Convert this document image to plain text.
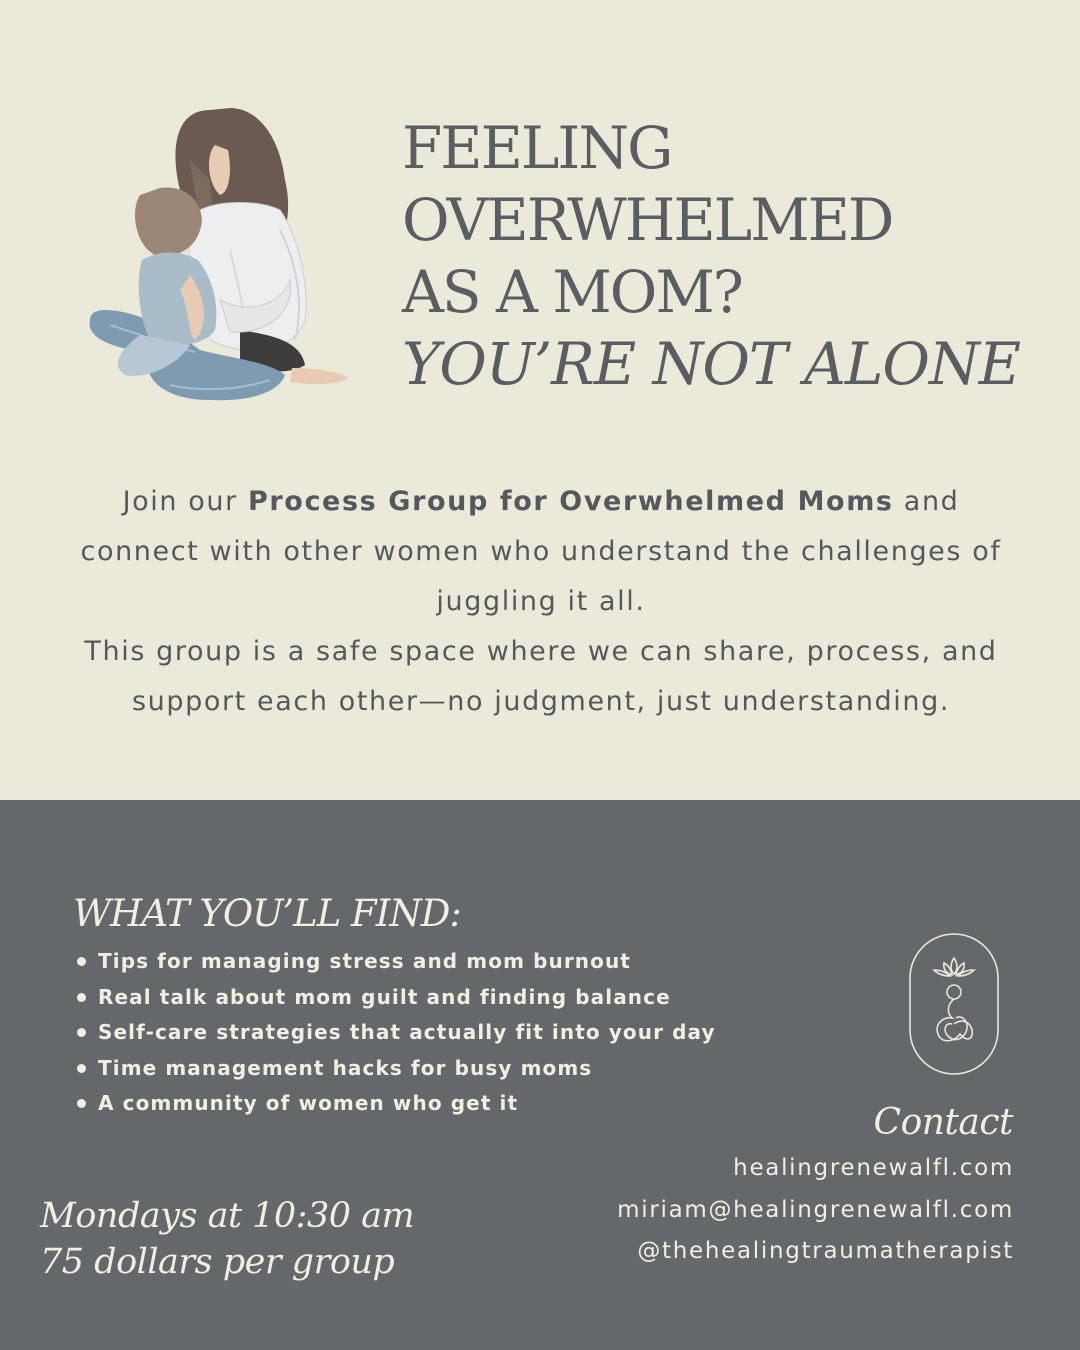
FEELING
OVERWHELMED
AS A MOM?
YOU’RE NOT ALONE

Join our Process Group for Overwhelmed Moms and connect with other women who understand the challenges of juggling it all.

This group is a safe space where we can share, process, and support each other—no judgment, just understanding.

WHAT YOU’LL FIND:
Tips for managing stress and mom burnout
Real talk about mom guilt and finding balance
Self-care strategies that actually fit into your day
Time management hacks for busy moms
A community of women who get it	Contact
healingrenewalfl.com
miriam@healingrenewalfl.com
@thehealingtraumatherapist
Mondays at 10:30 am
75 dollars per group
